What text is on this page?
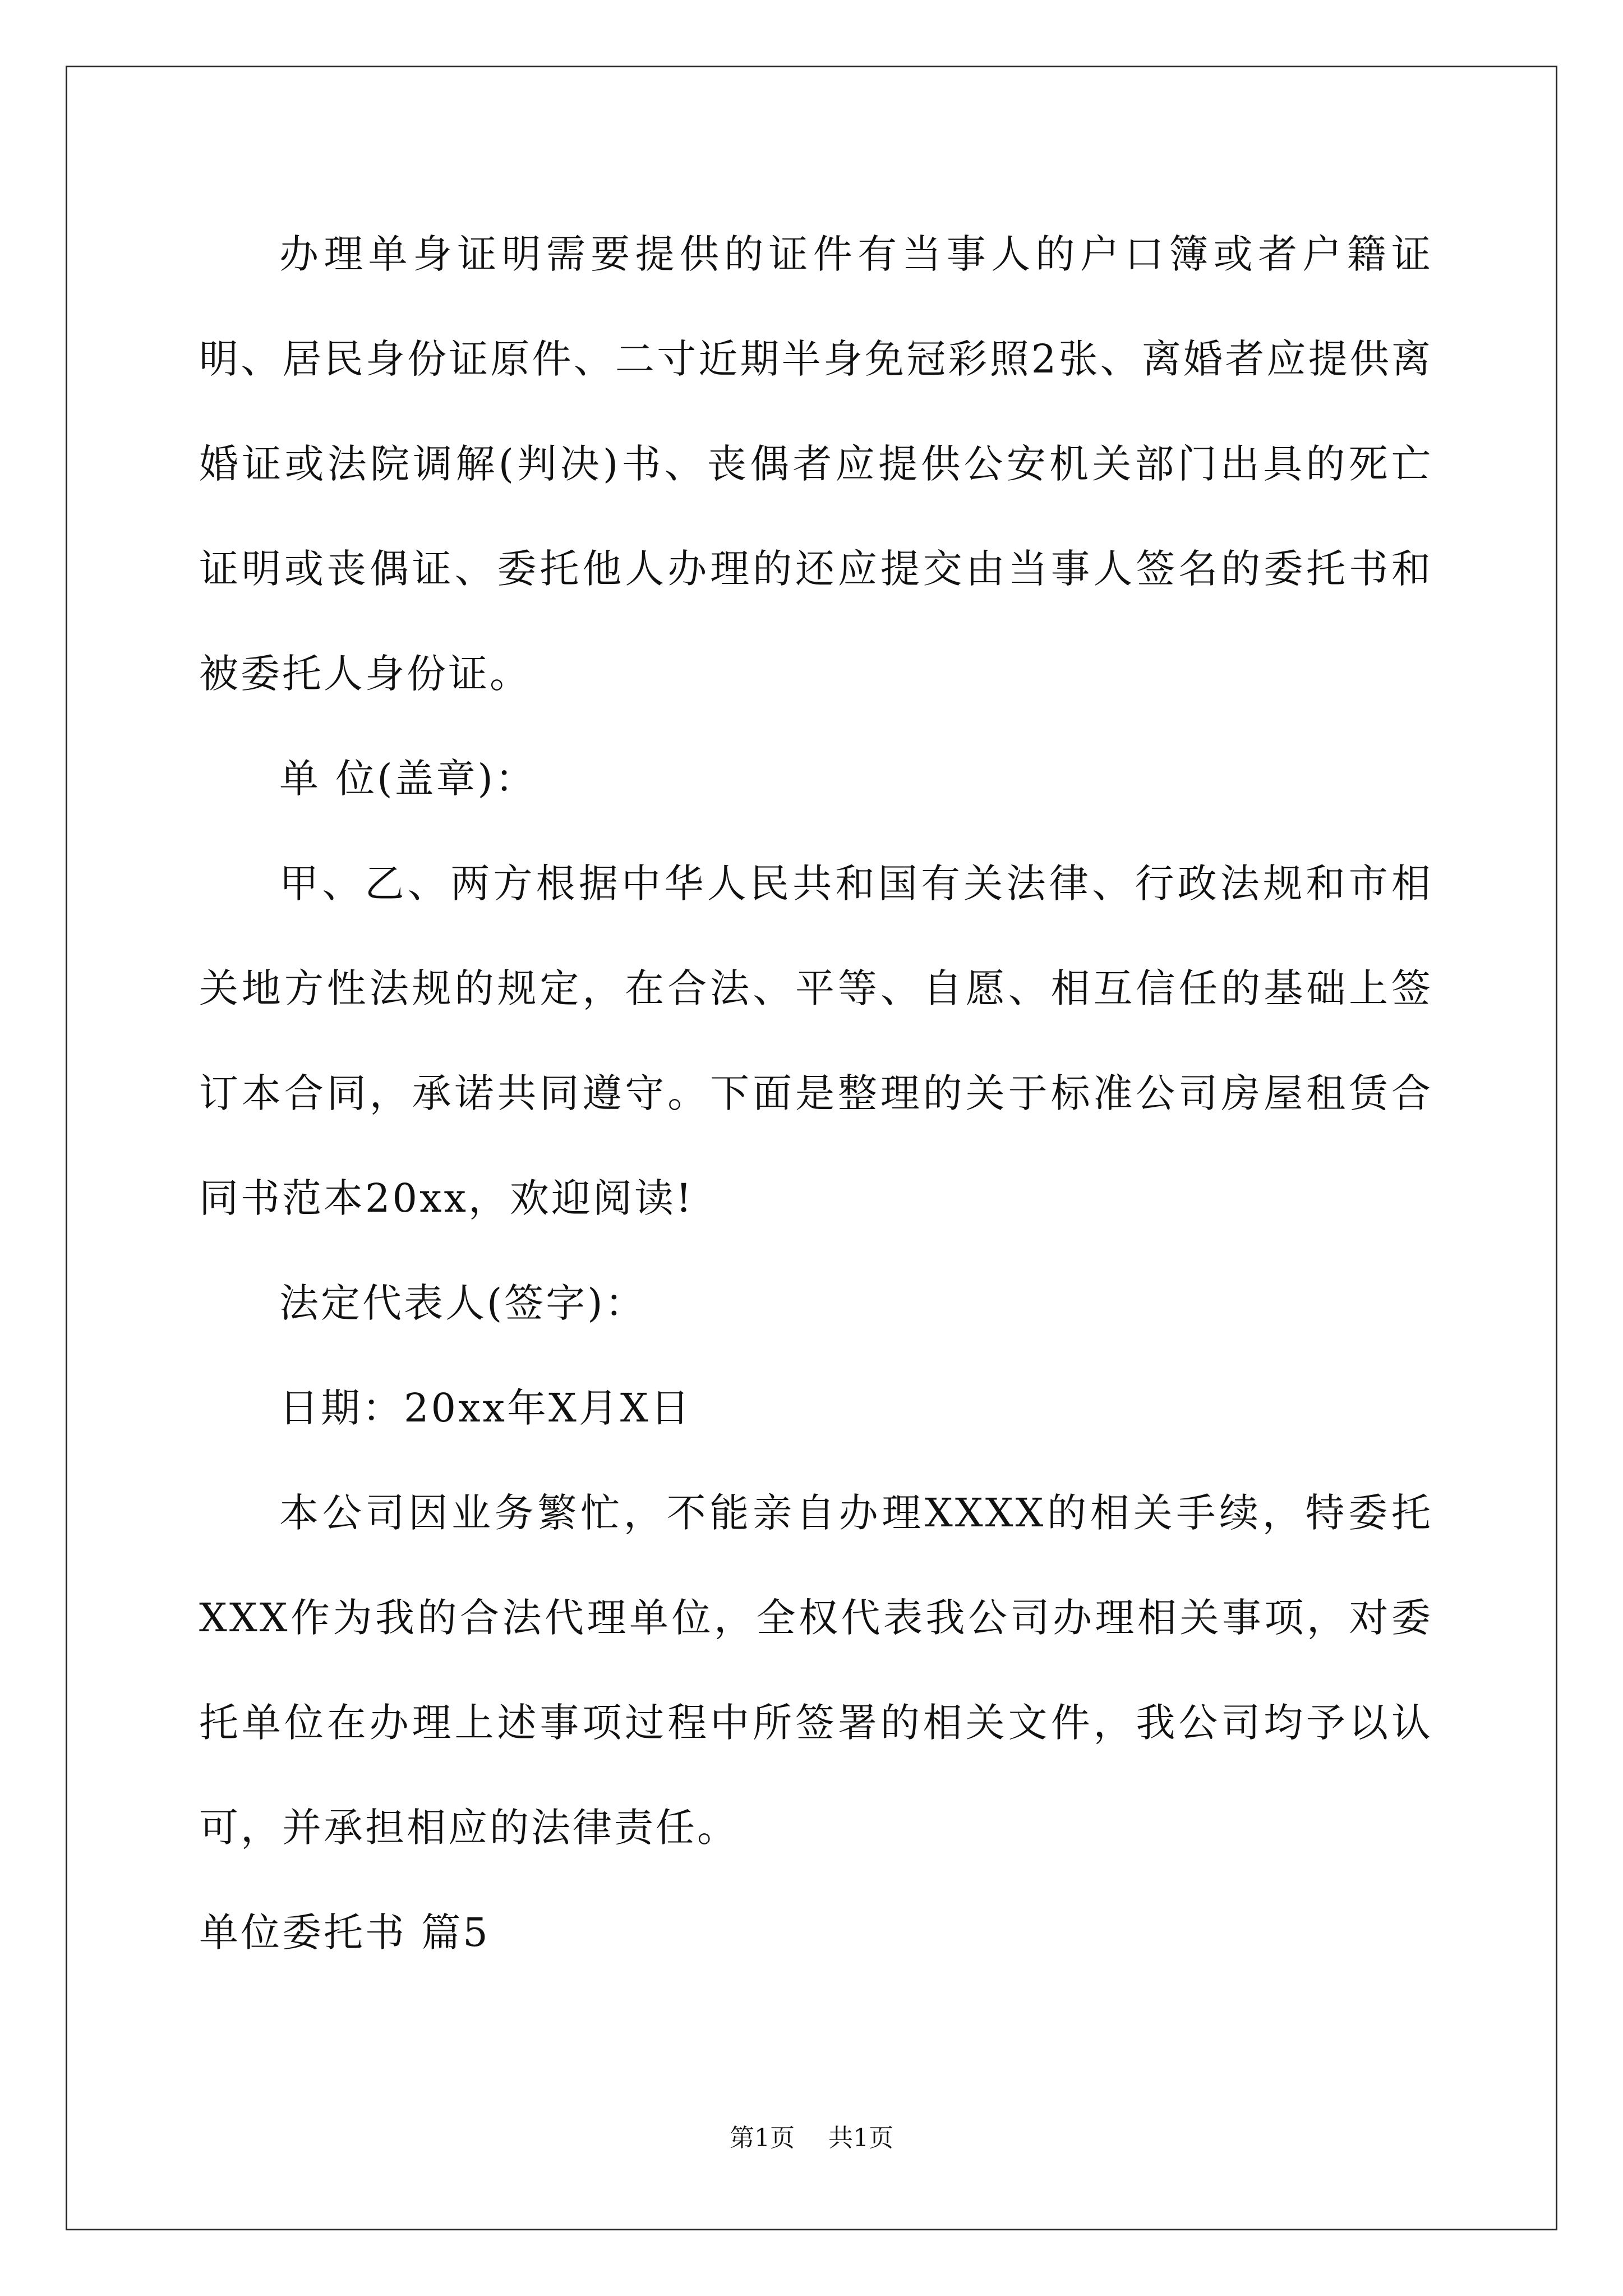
办理单身证明需要提供的证件有当事人的户口簿或者户籍证明、居民身份证原件、二寸近期半身免冠彩照2张、离婚者应提供离婚证或法院调解(判决)书、丧偶者应提供公安机关部门出具的死亡证明或丧偶证、委托他人办理的还应提交由当事人签名的委托书和被委托人身份证。

单 位(盖章)：

甲、乙、两方根据中华人民共和国有关法律、行政法规和市相关地方性法规的规定，在合法、平等、自愿、相互信任的基础上签订本合同，承诺共同遵守。下面是整理的关于标准公司房屋租赁合同书范本20xx，欢迎阅读!

法定代表人(签字)：

日期：20xx年X月X日

本公司因业务繁忙，不能亲自办理XXXX的相关手续，特委托XXX作为我的合法代理单位，全权代表我公司办理相关事项，对委托单位在办理上述事项过程中所签署的相关文件，我公司均予以认可，并承担相应的法律责任。

单位委托书 篇5

第1页 共1页
